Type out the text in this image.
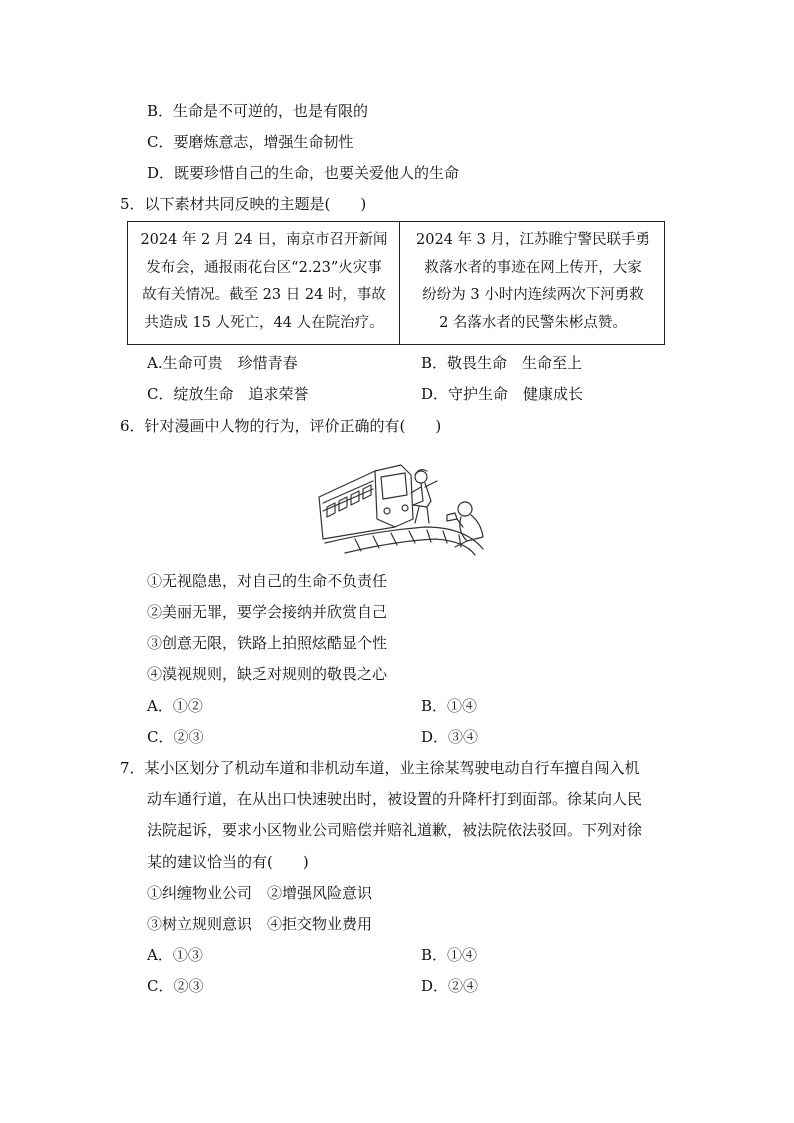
B．生命是不可逆的，也是有限的
C．要磨炼意志，增强生命韧性
D．既要珍惜自己的生命，也要关爱他人的生命
5．以下素材共同反映的主题是(　　)
2024 年 2 月 24 日，南京市召开新闻
发布会，通报雨花台区“2.23”火灾事
故有关情况。截至 23 日 24 时，事故
共造成 15 人死亡，44 人在院治疗。
2024 年 3 月，江苏睢宁警民联手勇
救落水者的事迹在网上传开，大家
纷纷为 3 小时内连续两次下河勇救
2 名落水者的民警朱彬点赞。
A.生命可贵　珍惜青春	B．敬畏生命　生命至上
C．绽放生命　追求荣誉	D．守护生命　健康成长
6．针对漫画中人物的行为，评价正确的有(　　)
①无视隐患，对自己的生命不负责任
②美丽无罪，要学会接纳并欣赏自己
③创意无限，铁路上拍照炫酷显个性
④漠视规则，缺乏对规则的敬畏之心
A．①②	B．①④
C．②③	D．③④
7．某小区划分了机动车道和非机动车道，业主徐某驾驶电动自行车擅自闯入机
动车通行道，在从出口快速驶出时，被设置的升降杆打到面部。徐某向人民
法院起诉，要求小区物业公司赔偿并赔礼道歉，被法院依法驳回。下列对徐
某的建议恰当的有(　　)
①纠缠物业公司　②增强风险意识
③树立规则意识　④拒交物业费用
A．①③	B．①④
C．②③	D．②④
